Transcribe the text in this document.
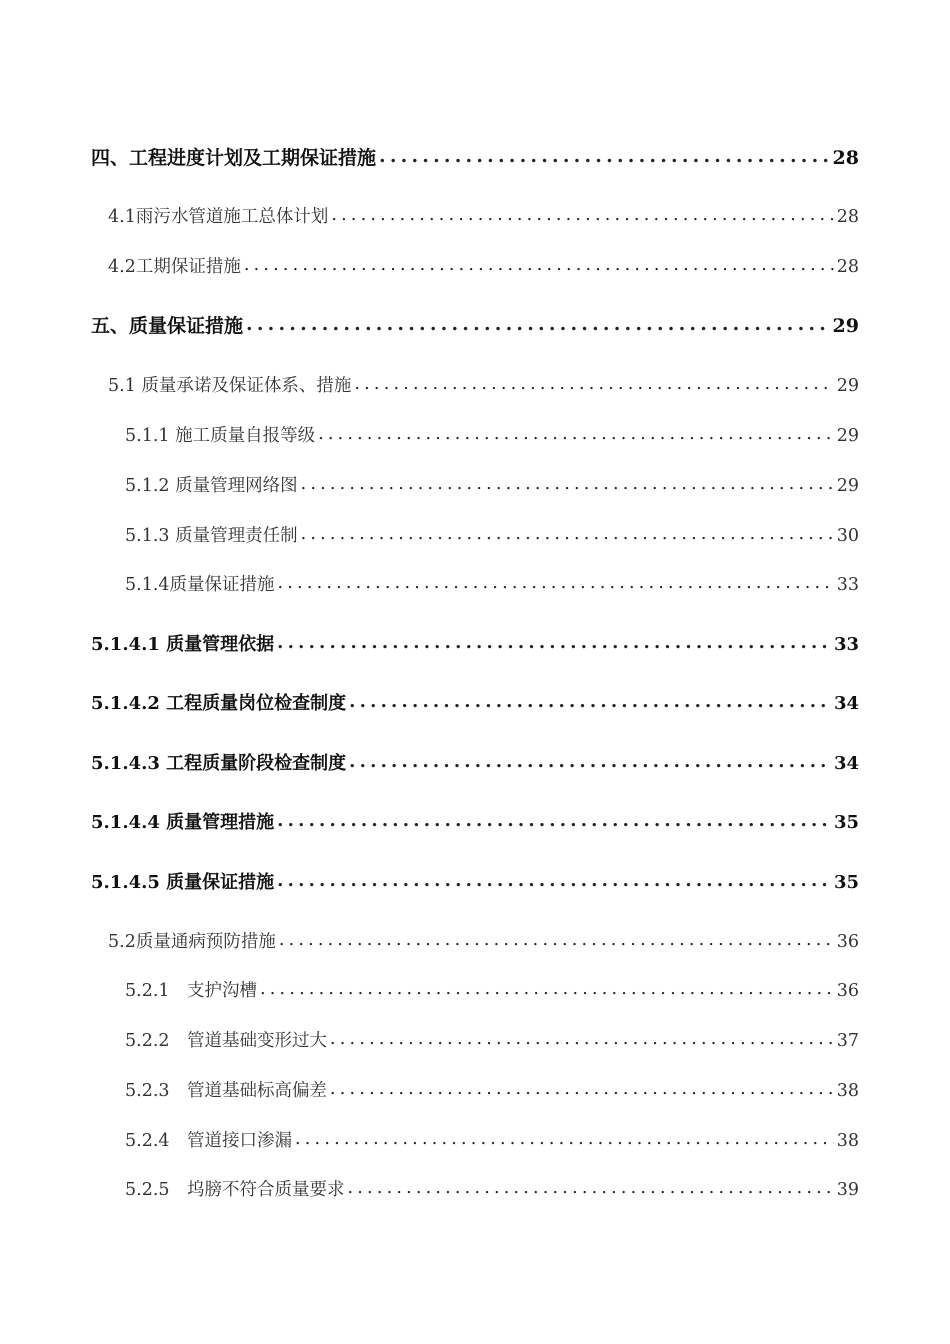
四、工程进度计划及工期保证措施 .....	28
4.1雨污水管道施工总体计划 .....	28
4.2工期保证措施 .....	28
五、质量保证措施 .....	29
5.1 质量承诺及保证体系、措施 .....	29
5.1.1 施工质量自报等级 .....	29
5.1.2 质量管理网络图 .....	29
5.1.3 质量管理责任制 .....	30
5.1.4质量保证措施 .....	33
5.1.4.1 质量管理依据 .....	33
5.1.4.2 工程质量岗位检查制度 .....	34
5.1.4.3 工程质量阶段检查制度 .....	34
5.1.4.4 质量管理措施 .....	35
5.1.4.5 质量保证措施 .....	35
5.2质量通病预防措施 .....	36
5.2.1　支护沟槽 .....	36
5.2.2　管道基础变形过大 .....	37
5.2.3　管道基础标高偏差 .....	38
5.2.4　管道接口渗漏 .....	38
5.2.5　坞膀不符合质量要求 .....	39
